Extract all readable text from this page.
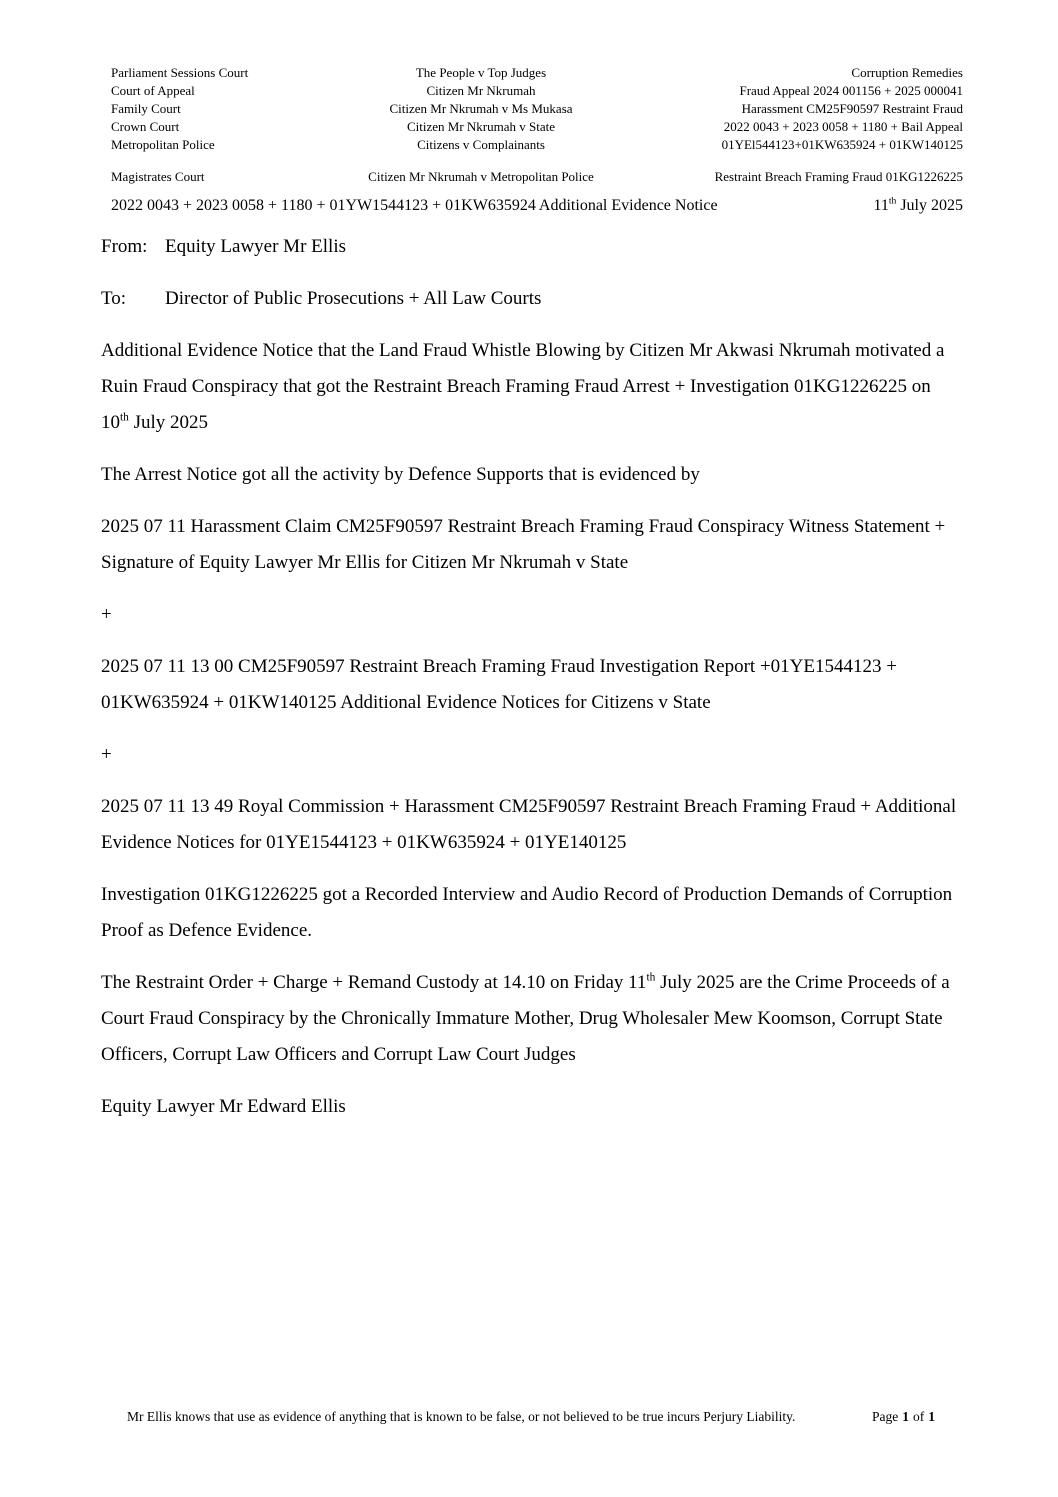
Parliament Sessions Court	The People v Top Judges	Corruption Remedies
Court of Appeal	Citizen Mr Nkrumah	Fraud Appeal 2024 001156 + 2025 000041
Family Court	Citizen Mr Nkrumah v Ms Mukasa	Harassment CM25F90597 Restraint Fraud
Crown Court	Citizen Mr Nkrumah v State	2022 0043 + 2023 0058 + 1180 + Bail Appeal
Metropolitan Police	Citizens v Complainants	01YEl544123+01KW635924 + 01KW140125
Magistrates Court	Citizen Mr Nkrumah v Metropolitan Police	Restraint Breach Framing Fraud 01KG1226225
2022 0043 + 2023 0058 + 1180 + 01YW1544123 + 01KW635924 Additional Evidence Notice	11th July 2025
From: Equity Lawyer Mr Ellis
To:	Director of Public Prosecutions + All Law Courts

Additional Evidence Notice that the Land Fraud Whistle Blowing by Citizen Mr Akwasi Nkrumah motivated a Ruin Fraud Conspiracy that got the Restraint Breach Framing Fraud Arrest + Investigation 01KG1226225 on 10th July 2025

The Arrest Notice got all the activity by Defence Supports that is evidenced by

2025 07 11 Harassment Claim CM25F90597 Restraint Breach Framing Fraud Conspiracy Witness Statement + Signature of Equity Lawyer Mr Ellis for Citizen Mr Nkrumah v State

+

2025 07 11 13 00 CM25F90597 Restraint Breach Framing Fraud Investigation Report +01YE1544123 + 01KW635924 + 01KW140125 Additional Evidence Notices for Citizens v State

+

2025 07 11 13 49 Royal Commission + Harassment CM25F90597 Restraint Breach Framing Fraud + Additional Evidence Notices for 01YE1544123 + 01KW635924 + 01YE140125

Investigation 01KG1226225 got a Recorded Interview and Audio Record of Production Demands of Corruption Proof as Defence Evidence.

The Restraint Order + Charge + Remand Custody at 14.10 on Friday 11th July 2025 are the Crime Proceeds of a Court Fraud Conspiracy by the Chronically Immature Mother, Drug Wholesaler Mew Koomson, Corrupt State Officers, Corrupt Law Officers and Corrupt Law Court Judges

Equity Lawyer Mr Edward Ellis

Mr Ellis knows that use as evidence of anything that is known to be false, or not believed to be true incurs Perjury Liability.	Page 1 of 1
